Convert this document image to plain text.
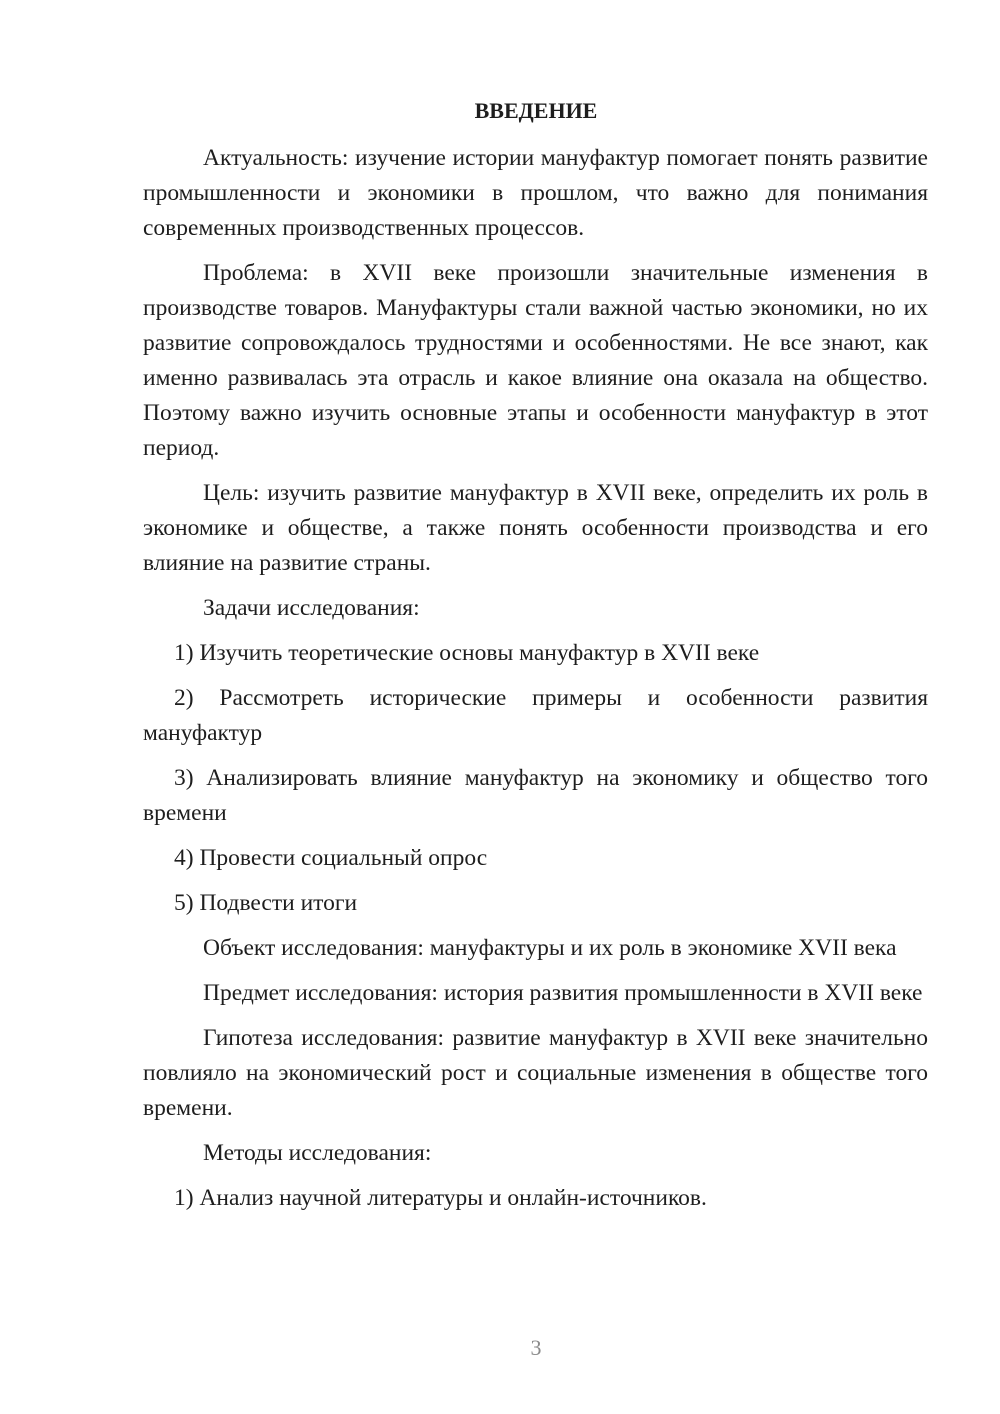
ВВЕДЕНИЕ

Актуальность: изучение истории мануфактур помогает понять развитие промышленности и экономики в прошлом, что важно для понимания современных производственных процессов.

Проблема: в XVII веке произошли значительные изменения в производстве товаров. Мануфактуры стали важной частью экономики, но их развитие сопровождалось трудностями и особенностями. Не все знают, как именно развивалась эта отрасль и какое влияние она оказала на общество. Поэтому важно изучить основные этапы и особенности мануфактур в этот период.

Цель: изучить развитие мануфактур в XVII веке, определить их роль в экономике и обществе, а также понять особенности производства и его влияние на развитие страны.

Задачи исследования:

1) Изучить теоретические основы мануфактур в XVII веке

2) Рассмотреть исторические примеры и особенности развития мануфактур

3) Анализировать влияние мануфактур на экономику и общество того времени

4) Провести социальный опрос

5) Подвести итоги

Объект исследования: мануфактуры и их роль в экономике XVII века

Предмет исследования: история развития промышленности в XVII веке

Гипотеза исследования: развитие мануфактур в XVII веке значительно повлияло на экономический рост и социальные изменения в обществе того времени.

Методы исследования:

1) Анализ научной литературы и онлайн-источников.

3
